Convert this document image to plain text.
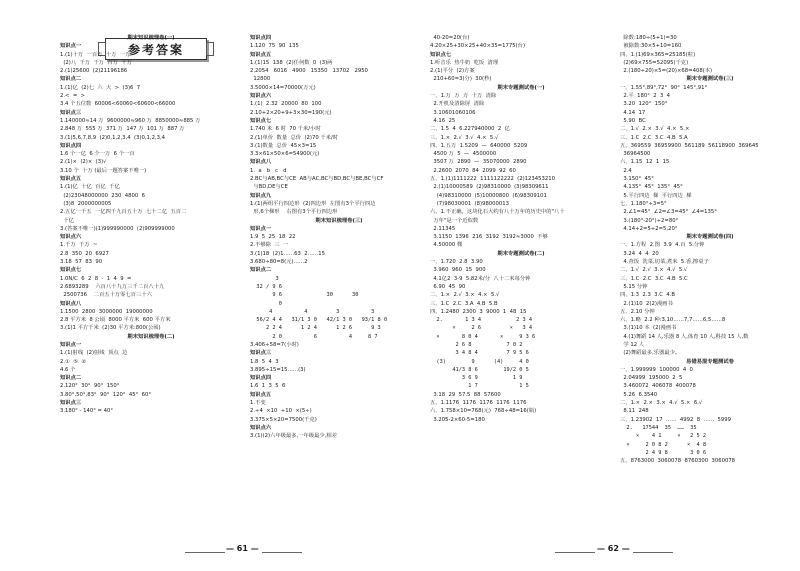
参考答案
期末知识梳理卷(一)
知识点一
1.(1)十万  一百万  十万  一万
(2)八  千万  千万  百万  千万
2.(1)25600  (2)21196186
知识点二
1.(1)亿  (2)七  六  大  >  (3)6  7
2.<  =  >
3.4 个五位数  60006<60060<60600<66000
知识点三
1.140000≈14 万  9600000≈960 万  8850000≈885 万
2.848 万  555 万  371 万  147 万  101 万  887 万
3.(1)5,6,7,8,9  (2)0,1,2,3,4  (3)0,1,2,3,4
知识点四
1.6 个一亿  6 个一万  6 个一百
2.(1)×  (2)×  (3)√
3.10 个  十万 (最后一题答案不唯一)
知识点五
1.(1)亿  十亿  百亿  千亿
(2)23048000000  230  4800  6
(3)8  2000000005
2.五亿一千五  一亿四千九百五十万  七十二亿  五百二
十亿
3.(答案不唯一)(1)999990000  (2)909999000
知识点六
1.千万  千万  ~
2.8  350  20  6927
3.18  57  83  90
知识点七
1.0N/C  6  2  8  -  1  4  9  =
2.6893289    六百八十九万三千二百八十九
2500736    二百五十万零七百三十六
知识点八
1.1500  2800  3000000  19000000
2.8 平方米  8 公顷  8000 平方米  600 平方米
3.(1)1 平方千米  (2)30 平方米:800(公顷)
期末知识梳理卷(二)
知识点一
1.(1)射线  (2)射线  顶点  边
2.①  ⑤  ②
4.6 个
知识点二
2.120°  30°  90°  150°
3.80°,50°,83°  90°  120°  45°  60°
知识点三
3.180° - 140° = 40°
知识点四
1.120  75  90  135
知识点五
1.(1)15  138  (2)任何数  0  (3)两
2.2054   6016   4900   15350   13702   2950
12800
3.5000×14=70000(万元)
知识点六
1.(1)  2.32  20000  80  100
2.10+2×20+9+3×30=190(元)
知识点七
1.740 米  6 时  70 千米/小时
2.(1)单价  数量  总价  (2)70 千米/时
3.(1)数量  总价  45×3=15
3.3×61×50×6=54900(元)
知识点八
1.  a   b   c   d
2.BC与AB,BC与CE  AB与AC,BC与BD,BC与BE,BC与CF
与BD,DE与CE
知识点九
1.(1)两组平行四边形  (2)四边形  左图有3个平行四边
形,6个梯形    右图有3个平行四边形
期末知识梳理卷(三)
知识点一
1.9  5  25  18  22
2.不够除  三  一
3.(1)18  (2)1……63  2……15
3.680÷80=8(元)……2
知识点二
3
32 / 9 6
9 6              30      30
0
4          4         3          3
56/2 4 4   31/1 3 0   42/1 3 0   93/1 8 0
2 2 4      1 2 4      1 2 6      9 3
2 0          6          4     8 7
3.406÷58=7(小时)
知识点三
1.8  5  4  3
3.895÷15=15……(3)
知识点四
1.6  1  3  5  6
知识点五
1.不变
2.÷4  ×10  ÷10  ×(5÷)
3.375×5×20=7500(千克)
知识点六
3.(1)(2)六年级最多,一年级最少,相差
40-20=20(台)
4.20×25+30×25+40×35=1775(台)
知识点七
1.听音乐  热牛奶  吃饭  清理
2.(1)平分  (2)方案
210+60=3(分)  30(秒)
期末专题测试卷(一)
一、1.万  万  万  十万  清除
2.开机及清除屏  清除
3.10601060106
4.16  25
二、1.5  4  6.227940000  2  亿
三、1.×  2.√  3.√  4.×  5.√
四、1.五万  1.5209  —  640000  5209
4500 万  5  —  4500000
3507 万  2890  —  35070000  2890
2.2600  2070  84  2099  92  60
五、1.(1)1111222  1111122222  (2)123453210
2.(1)10000589  (2)98310000  (3)98309611
(4)98310000  (5)10000800  (6)98309101
(7)98030001  (8)98000013
六、1.不正确。这块化石大约有八十万年的历史中的"八十
万年"是一个近似数
2.11345
3.1150  1396  216  3192  3192≈3000  不够
4.50000 棵
期末专题测试卷(二)
一、1.720  2.8  3.90
3.960  960  15  900
4.1亿2  3-9  5.82米/分  八十二米每分钟
6.90  45  90
二、1.×  2.√  3.×  4.×  5.√
三、1.C  2.C  3.A  4.B  5.B
四、1.2480  2300  3  9000  1  48  15
2.       1 3 4           2 3 4
×     2 6         ×   3 4
×       8 0 4       ×     9 3 6
2 6 8           7 0 2
3 4 8 4         7 9 5 6
(3)        9      (4)     4 0
41/3 8 6        19/2 0 5
3 6 9           1 9
1 7             1 5
3.18  29  57.5  88  57600
五、1.1176  1176  1176  1176  1176
六、1.758×10=768(元)  768÷48=16(瓶)
3.205-2×60-5=180
除数:180÷(5+1)=30
被除数:30×5+10=160
四、1.(1)69×365=25185(粒)
(2)69×755=52095(千克)
2.(180÷20)×5=(20)×68=408(本)
期末专题测试卷(三)
一、1.55°,89°,72°  90°  145°,91°
2.平  180°  2  3  4
3.20  120°  150°
4.14  17
5.90  BC
二、1.√  2.×  3.√  4.×  5.×
三、1.C  2.C  3.C  4.B  5.A
五、369559  36959900  561189  56118900  369645
36964500
六、1.15  12  1  15
2.4
3.150°  45°
4.135°  45°  135°  45°
5.平行四边  梯  平行四边  梯
七、1.180°÷3=5°
2.∠1=45°  ∠2=∠3=45°  ∠4=135°
3.(180°-20°)÷2=80°
4.14+2=5÷2=5,20°
期末专题测试卷(四)
一、1.方程  2.图  3.9  4.百  5.分钟
3.24  4  4  20
4.查饭  洗菜,切菜,煮米  5.香,擦桌子
二、1.√  2.√  3.×  4.√  5.√
三、1.C  2.C  3.C  4.B  5.C
5.15 分钟
四、1.3  2.3  3.C  4.B
2.(1)10  2(2)漫画书
五、2.10 分钟
六、1.略  2.2 种:3,10……7,7……6,5……8
3.(1)10 本  (2)漫画书
4.(1)舞蹈 14 人,乐器 8 人,体育 10 人,科技 15 人,数
学 12 人
(2)舞蹈最多,乐器最少。
易错易混专题测试卷
一、1.999999  100000  4  0
2.04999  195000  2  5
3.460072  406078  400078
5.26  6.3540
二、1.×  2.×  3.×  4.√  5.×  6.√
8.11  248
三、1.23902  17  ……  4992  8  ……  5999
2.   17544  35  ……  35
×    4 1     ×   2 5 2
×     2 0 8 2      ×  4 8
2 4 9 8       3 0 6
五、8763000  3060078  8760300  3060078
— 61 —	— 62 —
